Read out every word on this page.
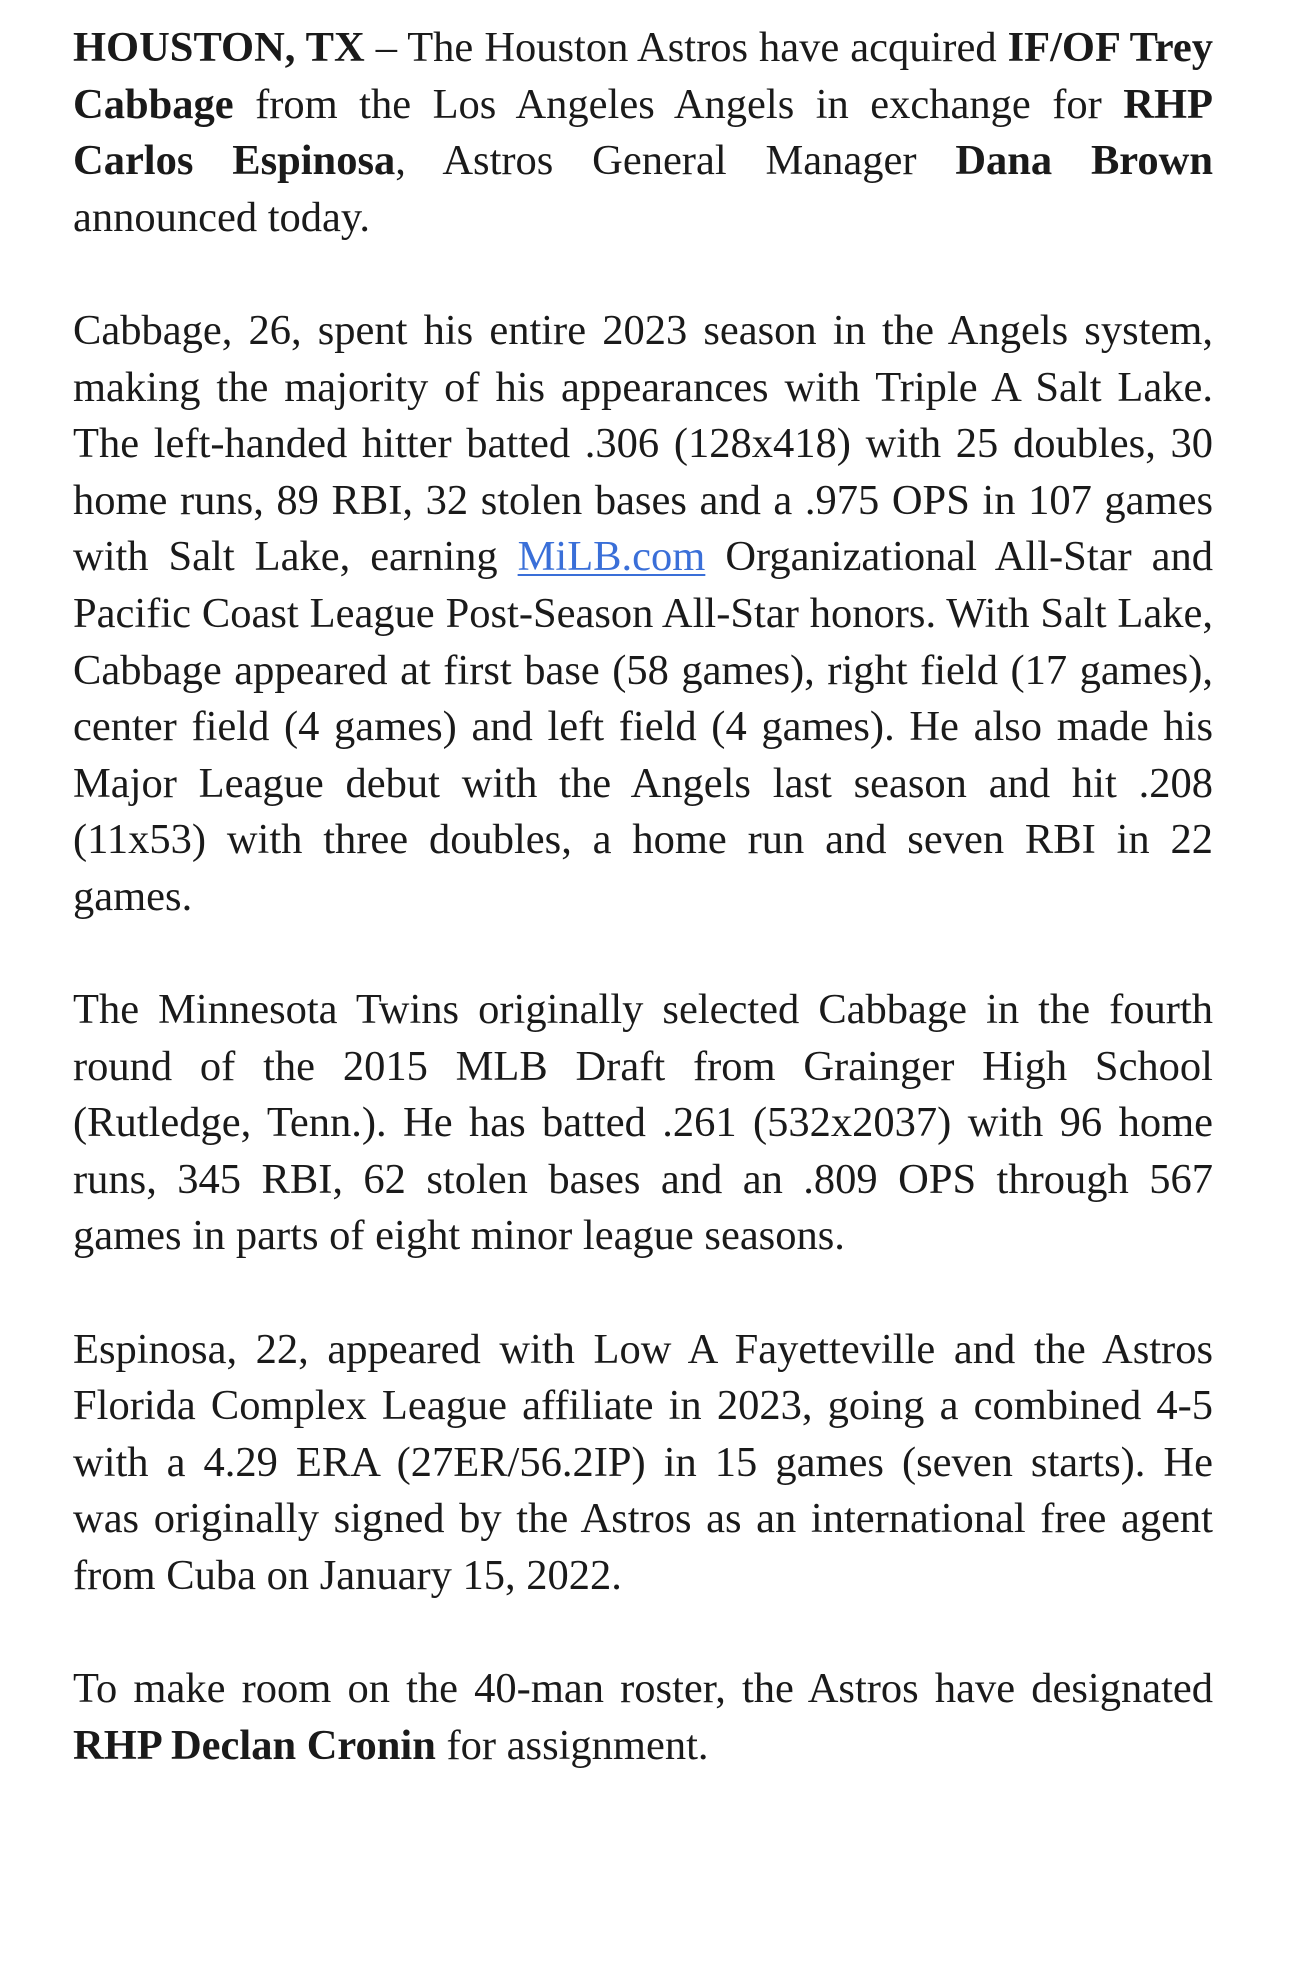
HOUSTON, TX – The Houston Astros have acquired IF/OF Trey Cabbage from the Los Angeles Angels in exchange for RHP Carlos Espinosa, Astros General Manager Dana Brown announced today.

Cabbage, 26, spent his entire 2023 season in the Angels system, making the majority of his appearances with Triple A Salt Lake. The left-handed hitter batted .306 (128x418) with 25 doubles, 30 home runs, 89 RBI, 32 stolen bases and a .975 OPS in 107 games with Salt Lake, earning MiLB.com Organizational All-Star and Pacific Coast League Post-Season All-Star honors. With Salt Lake, Cabbage appeared at first base (58 games), right field (17 games), center field (4 games) and left field (4 games). He also made his Major League debut with the Angels last season and hit .208 (11x53) with three doubles, a home run and seven RBI in 22 games.

The Minnesota Twins originally selected Cabbage in the fourth round of the 2015 MLB Draft from Grainger High School (Rutledge, Tenn.). He has batted .261 (532x2037) with 96 home runs, 345 RBI, 62 stolen bases and an .809 OPS through 567 games in parts of eight minor league seasons.

Espinosa, 22, appeared with Low A Fayetteville and the Astros Florida Complex League affiliate in 2023, going a combined 4-5 with a 4.29 ERA (27ER/56.2IP) in 15 games (seven starts). He was originally signed by the Astros as an international free agent from Cuba on January 15, 2022.

To make room on the 40-man roster, the Astros have designated RHP Declan Cronin for assignment.
